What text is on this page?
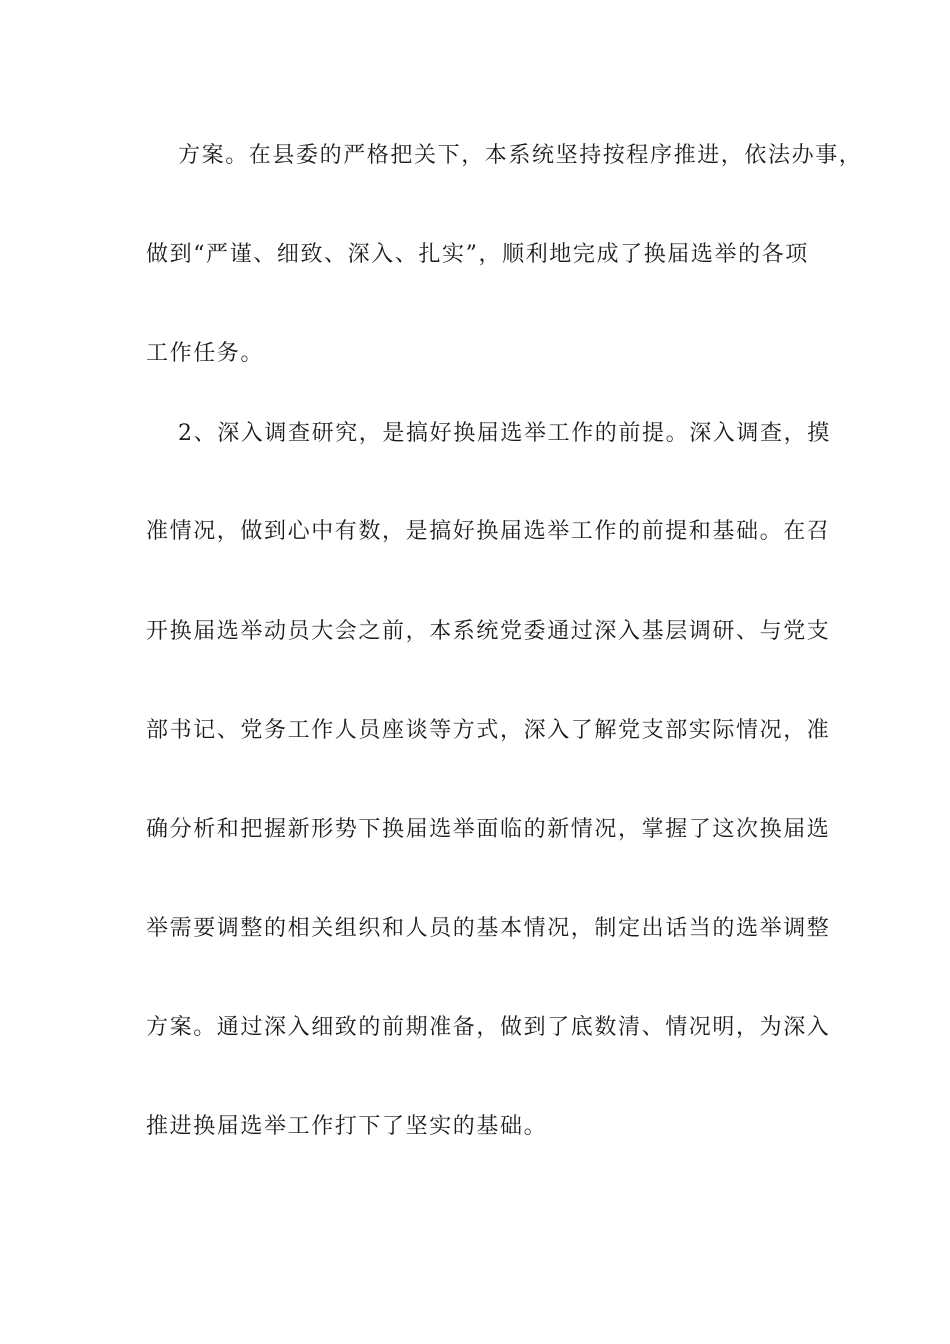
方案。在县委的严格把关下，本系统坚持按程序推进，依法办事，

做到“严谨、细致、深入、扎实”，顺利地完成了换届选举的各项

工作任务。

2、深入调查研究，是搞好换届选举工作的前提。深入调查，摸

准情况，做到心中有数，是搞好换届选举工作的前提和基础。在召

开换届选举动员大会之前，本系统党委通过深入基层调研、与党支

部书记、党务工作人员座谈等方式，深入了解党支部实际情况，准

确分析和把握新形势下换届选举面临的新情况，掌握了这次换届选

举需要调整的相关组织和人员的基本情况，制定出话当的选举调整

方案。通过深入细致的前期准备，做到了底数清、情况明，为深入

推进换届选举工作打下了坚实的基础。
